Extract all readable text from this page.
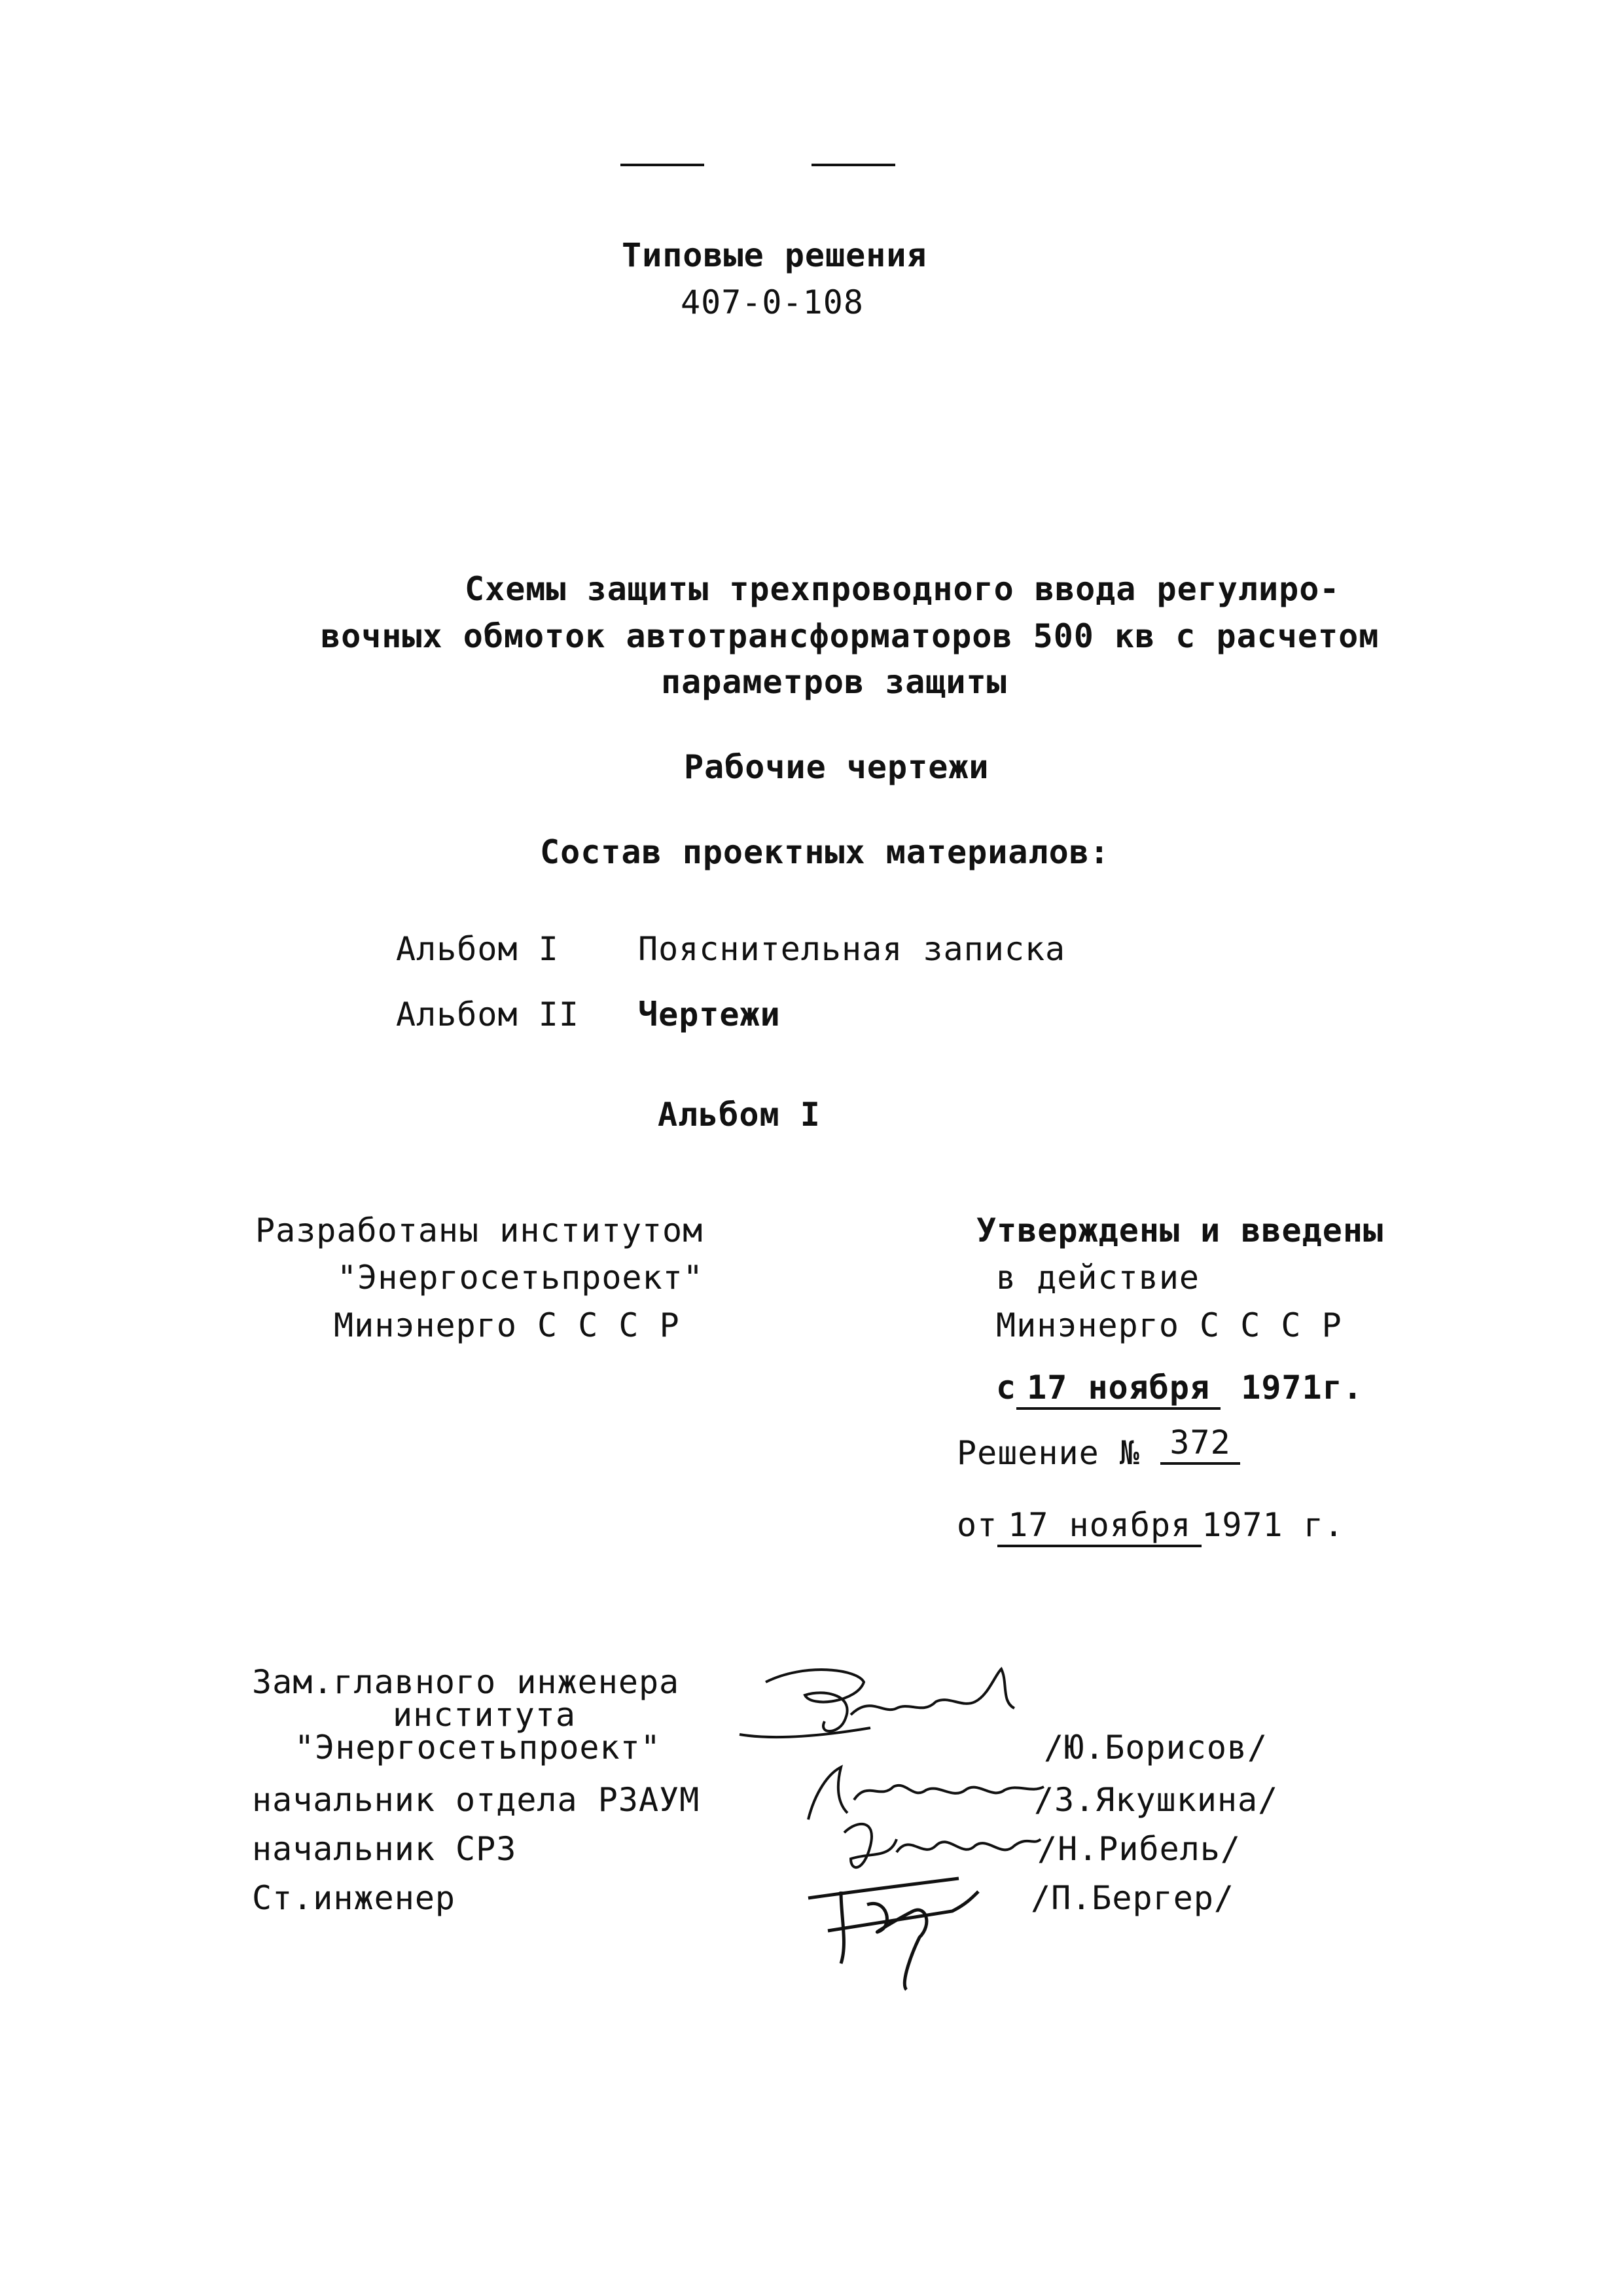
Типовые решения
407-0-108
Схемы защиты трехпроводного ввода регулиро-
вочных обмоток автотрансформаторов 500 кв с расчетом
параметров защиты
Рабочие чертежи
Состав проектных материалов:
Альбом I Пояснительная записка
Альбом II Чертежи
Альбом I
Разработаны институтом
"Энергосетьпроект"
Минэнерго С С С Р
Утверждены и введены
в действие
Минэнерго С С С Р
с 17 ноября 1971г.
Решение № 372
от 17 ноября 1971 г.
Зам.главного инженера
института
"Энергосетьпроект"
начальник отдела РЗАУМ
начальник СРЗ
Ст.инженер
/Ю.Борисов/
/З.Якушкина/
/Н.Рибель/
/П.Бергер/
